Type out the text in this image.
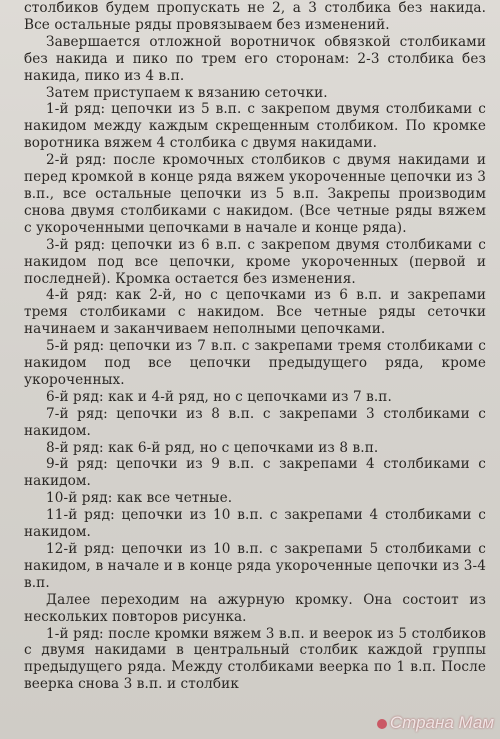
столбиков будем пропускать не 2, а 3 столбика без накида. Все остальные ряды провязываем без изменений.

Завершается отложной воротничок обвязкой столбиками без накида и пико по трем его сторонам: 2-3 столбика без накида, пико из 4 в.п.

Затем приступаем к вязанию сеточки.

1-й ряд: цепочки из 5 в.п. с закрепом двумя столбиками с накидом между каждым скрещенным столбиком. По кромке воротника вяжем 4 столбика с двумя накидами.

2-й ряд: после кромочных столбиков с двумя накидами и перед кромкой в конце ряда вяжем укороченные цепочки из 3 в.п., все остальные цепочки из 5 в.п. Закрепы производим снова двумя столбиками с накидом. (Все четные ряды вяжем с укороченными цепочками в начале и конце ряда).

3-й ряд: цепочки из 6 в.п. с закрепом двумя столбиками с накидом под все цепочки, кроме укороченных (первой и последней). Кромка остается без изменения.

4-й ряд: как 2-й, но с цепочками из 6 в.п. и закрепами тремя столбиками с накидом. Все четные ряды сеточки начинаем и заканчиваем неполными цепочками.

5-й ряд: цепочки из 7 в.п. с закрепами тремя столбиками с накидом под все цепочки предыдущего ряда, кроме укороченных.

6-й ряд: как и 4-й ряд, но с цепочками из 7 в.п.

7-й ряд: цепочки из 8 в.п. с закрепами 3 столбиками с накидом.

8-й ряд: как 6-й ряд, но с цепочками из 8 в.п.

9-й ряд: цепочки из 9 в.п. с закрепами 4 столбиками с накидом.

10-й ряд: как все четные.

11-й ряд: цепочки из 10 в.п. с закрепами 4 столбиками с накидом.

12-й ряд: цепочки из 10 в.п. с закрепами 5 столбиками с накидом, в начале и в конце ряда укороченные цепочки из 3-4 в.п.

Далее переходим на ажурную кромку. Она состоит из нескольких повторов рисунка.

1-й ряд: после кромки вяжем 3 в.п. и веерок из 5 столбиков с двумя накидами в центральный столбик каждой группы предыдущего ряда. Между столбиками веерка по 1 в.п. После веерка снова 3 в.п. и столбик

Страна Мам
